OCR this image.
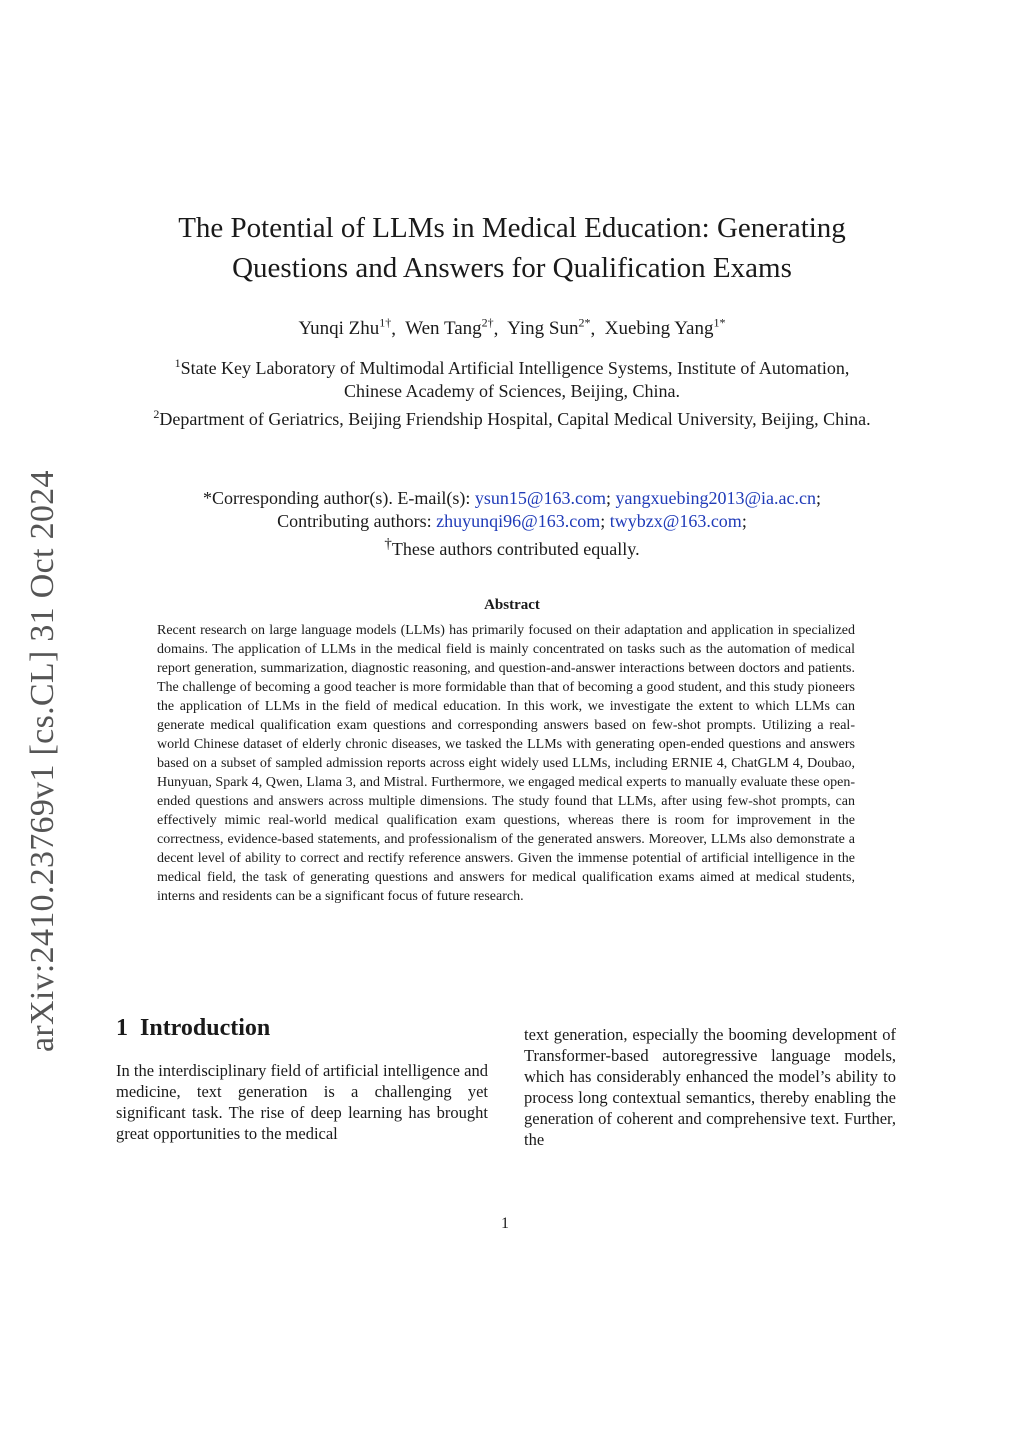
arXiv:2410.23769v1 [cs.CL] 31 Oct 2024
The Potential of LLMs in Medical Education: Generating
Questions and Answers for Qualification Exams
Yunqi Zhu$^{1\dagger}$,  Wen Tang$^{2\dagger}$,  Ying Sun$^{2*}$,  Xuebing Yang$^{1*}$

$^1$State Key Laboratory of Multimodal Artificial Intelligence Systems, Institute of Automation, Chinese Academy of Sciences, Beijing, China.

$^2$Department of Geriatrics, Beijing Friendship Hospital, Capital Medical University, Beijing, China.

*Corresponding author(s). E-mail(s): ysun15@163.com; yangxuebing2013@ia.ac.cn;

Contributing authors: zhuyunqi96@163.com; twybzx@163.com;

†These authors contributed equally.

Abstract
Recent research on large language models (LLMs) has primarily focused on their adaptation and application in specialized domains. The application of LLMs in the medical field is mainly concentrated on tasks such as the automation of medical report generation, summarization, diagnostic reasoning, and question-and-answer interactions between doctors and patients. The challenge of becoming a good teacher is more formidable than that of becoming a good student, and this study pioneers the application of LLMs in the field of medical education. In this work, we investigate the extent to which LLMs can generate medical qualification exam questions and corresponding answers based on few-shot prompts. Utilizing a real-world Chinese dataset of elderly chronic diseases, we tasked the LLMs with generating open-ended questions and answers based on a subset of sampled admission reports across eight widely used LLMs, including ERNIE 4, ChatGLM 4, Doubao, Hunyuan, Spark 4, Qwen, Llama 3, and Mistral. Furthermore, we engaged medical experts to manually evaluate these open-ended questions and answers across multiple dimensions. The study found that LLMs, after using few-shot prompts, can effectively mimic real-world medical qualification exam questions, whereas there is room for improvement in the correctness, evidence-based statements, and professionalism of the generated answers. Moreover, LLMs also demonstrate a decent level of ability to correct and rectify reference answers. Given the immense potential of artificial intelligence in the medical field, the task of generating questions and answers for medical qualification exams aimed at medical students, interns and residents can be a significant focus of future research.
1 Introduction
In the interdisciplinary field of artificial intelligence and medicine, text generation is a challenging yet significant task. The rise of deep learning has brought great opportunities to the medical
text generation, especially the booming development of Transformer-based autoregressive language models, which has considerably enhanced the model’s ability to process long contextual semantics, thereby enabling the generation of coherent and comprehensive text. Further, the
1
